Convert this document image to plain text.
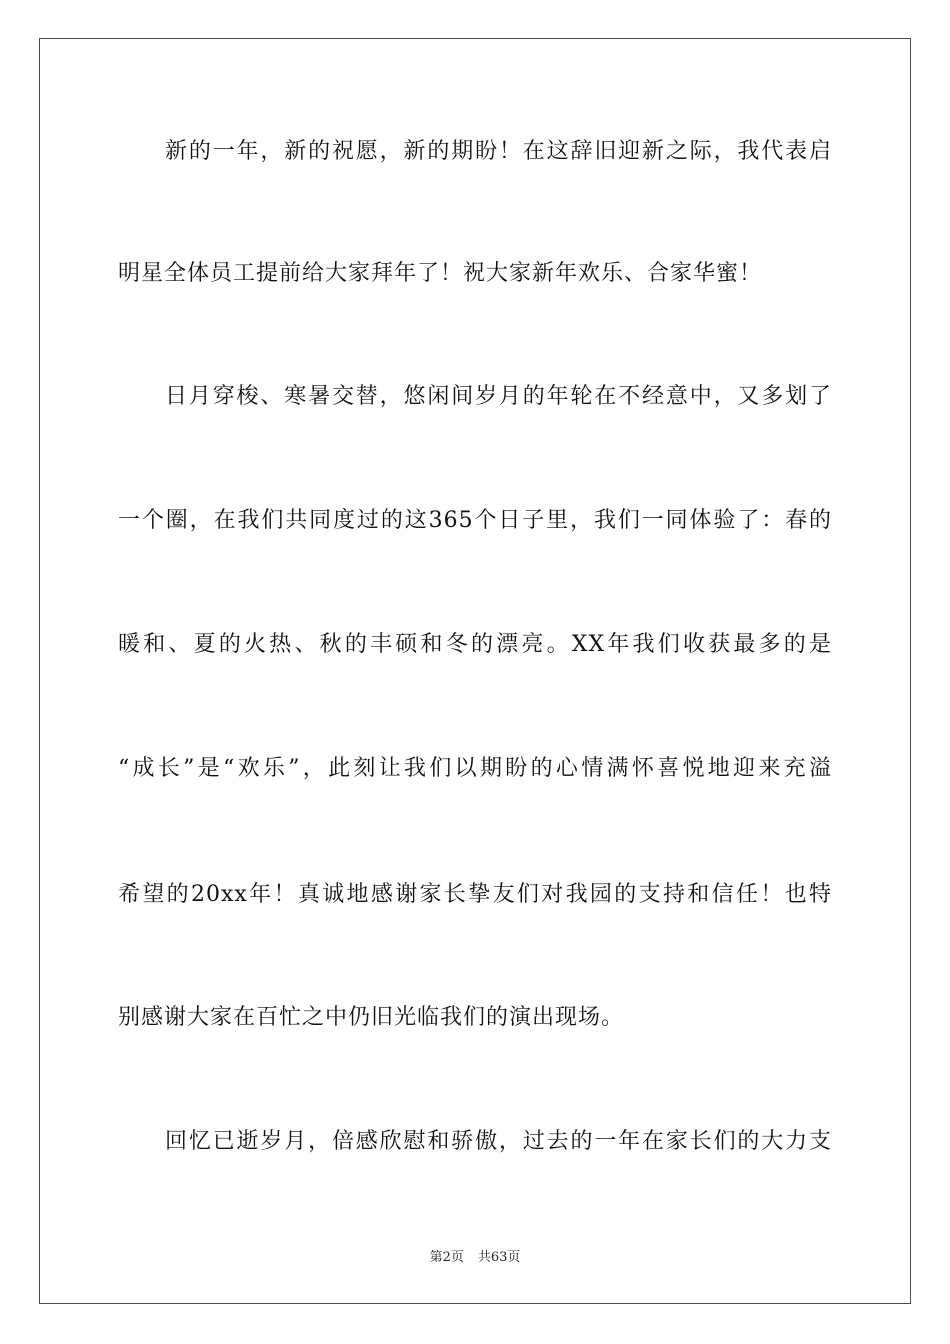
新的一年，新的祝愿，新的期盼！在这辞旧迎新之际，我代表启
明星全体员工提前给大家拜年了！祝大家新年欢乐、合家华蜜！
日月穿梭、寒暑交替，悠闲间岁月的年轮在不经意中，又多划了
一个圈，在我们共同度过的这365个日子里，我们一同体验了：春的
暖和、夏的火热、秋的丰硕和冬的漂亮。XX年我们收获最多的是
“成长”是“欢乐”，此刻让我们以期盼的心情满怀喜悦地迎来充溢
希望的20xx年！真诚地感谢家长挚友们对我园的支持和信任！也特
别感谢大家在百忙之中仍旧光临我们的演出现场。
回忆已逝岁月，倍感欣慰和骄傲，过去的一年在家长们的大力支
第2页 共63页
